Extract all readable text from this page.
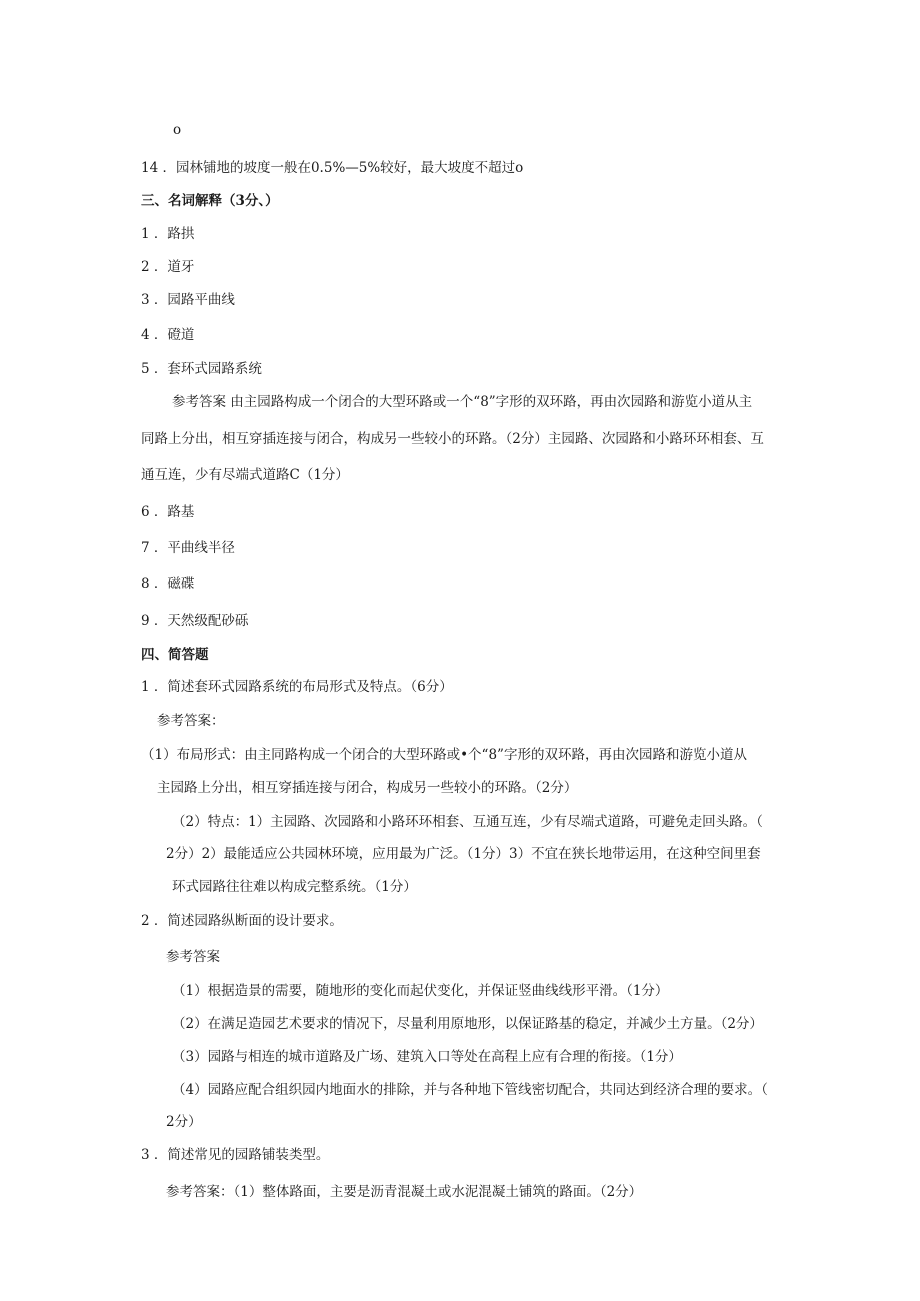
o
14 ．园林铺地的坡度一般在0.5%—5%较好，最大坡度不超过o
三、名词解释（3分、）
1 ．路拱
2 ．道牙
3 ．园路平曲线
4 ．磴道
5 ．套环式园路系统
参考答案 由主园路构成一个闭合的大型环路或一个“8”字形的双环路，再由次园路和游览小道从主
同路上分出，相互穿插连接与闭合，构成另一些较小的环路。（2分）主园路、次园路和小路环环相套、互
通互连，少有尽端式道路C（1分）
6 ．路基
7 ．平曲线半径
8 ．磁碟
9 ．天然级配砂砾
四、简答题
1 ．简述套环式园路系统的布局形式及特点。（6分）
参考答案：
（1）布局形式：由主同路构成一个闭合的大型环路或•个“8”字形的双环路，再由次园路和游览小道从
主园路上分出，相互穿插连接与闭合，构成另一些较小的环路。（2分）
（2）特点：1）主园路、次园路和小路环环相套、互通互连，少有尽端式道路，可避免走回头路。（
2分）2）最能适应公共园林环境，应用最为广泛。（1分）3）不宜在狭长地带运用，在这种空间里套
环式园路往往难以构成完整系统。（1分）
2 ．简述园路纵断面的设计要求。
参考答案
（1）根据造景的需要，随地形的变化而起伏变化，并保证竖曲线线形平滑。（1分）
（2）在满足造园艺术要求的情况下，尽量利用原地形，以保证路基的稳定，并减少土方量。（2分）
（3）园路与相连的城市道路及广场、建筑入口等处在高程上应有合理的衔接。（1分）
（4）园路应配合组织园内地面水的排除，并与各种地下管线密切配合，共同达到经济合理的要求。（
2分）
3 ．简述常见的园路铺装类型。
参考答案：（1）整体路面，主要是沥青混凝土或水泥混凝土铺筑的路面。（2分）
